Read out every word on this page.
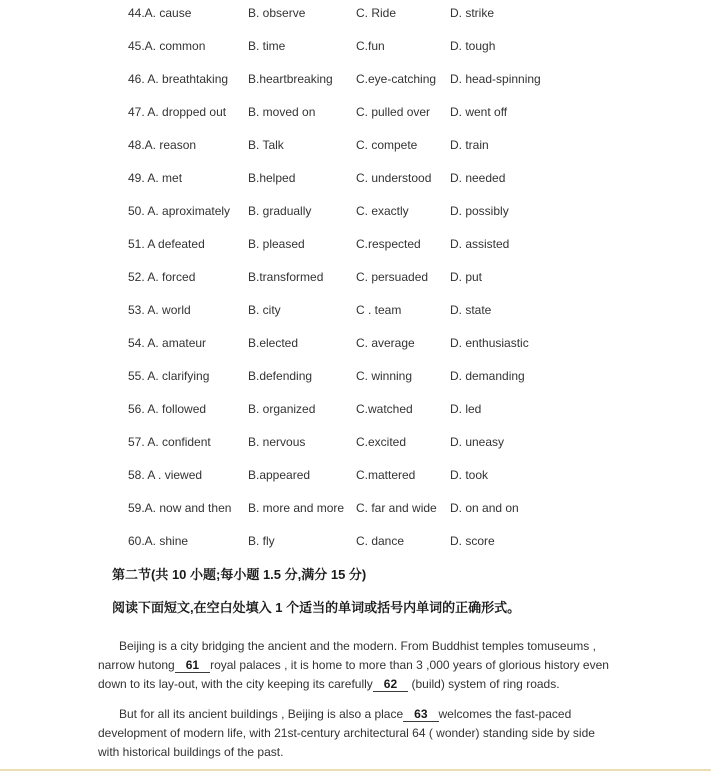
44.A. cause	B. observe	C. Ride	D. strike
45.A. common	B. time	C.fun	D. tough
46. A. breathtaking	B.heartbreaking	C.eye-catching	D. head-spinning
47. A. dropped out	B. moved on	C. pulled over	D. went off
48.A. reason	B. Talk	C. compete	D. train
49. A. met	B.helped	C. understood	D. needed
50. A. aproximately	B. gradually	C. exactly	D. possibly
51. A defeated	B. pleased	C.respected	D. assisted
52. A. forced	B.transformed	C. persuaded	D. put
53. A. world	B. city	C . team	D. state
54. A. amateur	B.elected	C. average	D. enthusiastic
55. A. clarifying	B.defending	C. winning	D. demanding
56. A. followed	B. organized	C.watched	D. led
57. A. confident	B. nervous	C.excited	D. uneasy
58. A . viewed	B.appeared	C.mattered	D. took
59.A. now and then	B. more and more C. far and wide	D. on and on
60.A. shine	B. fly	C. dance	D. score
第二节(共 10 小题;每小题 1.5 分,满分 15 分)
阅读下面短文,在空白处填入 1 个适当的单词或括号内单词的正确形式。

Beijing is a city bridging the ancient and the modern. From Buddhist temples tomuseums , narrow hutong 61 royal palaces , it is home to more than 3 ,000 years of glorious history even down to its lay-out, with the city keeping its carefully 62 (build) system of ring roads.

But for all its ancient buildings , Beijing is also a place 63 welcomes the fast-paced development of modern life, with 21st-century architectural 64 ( wonder) standing side by side with historical buildings of the past.
